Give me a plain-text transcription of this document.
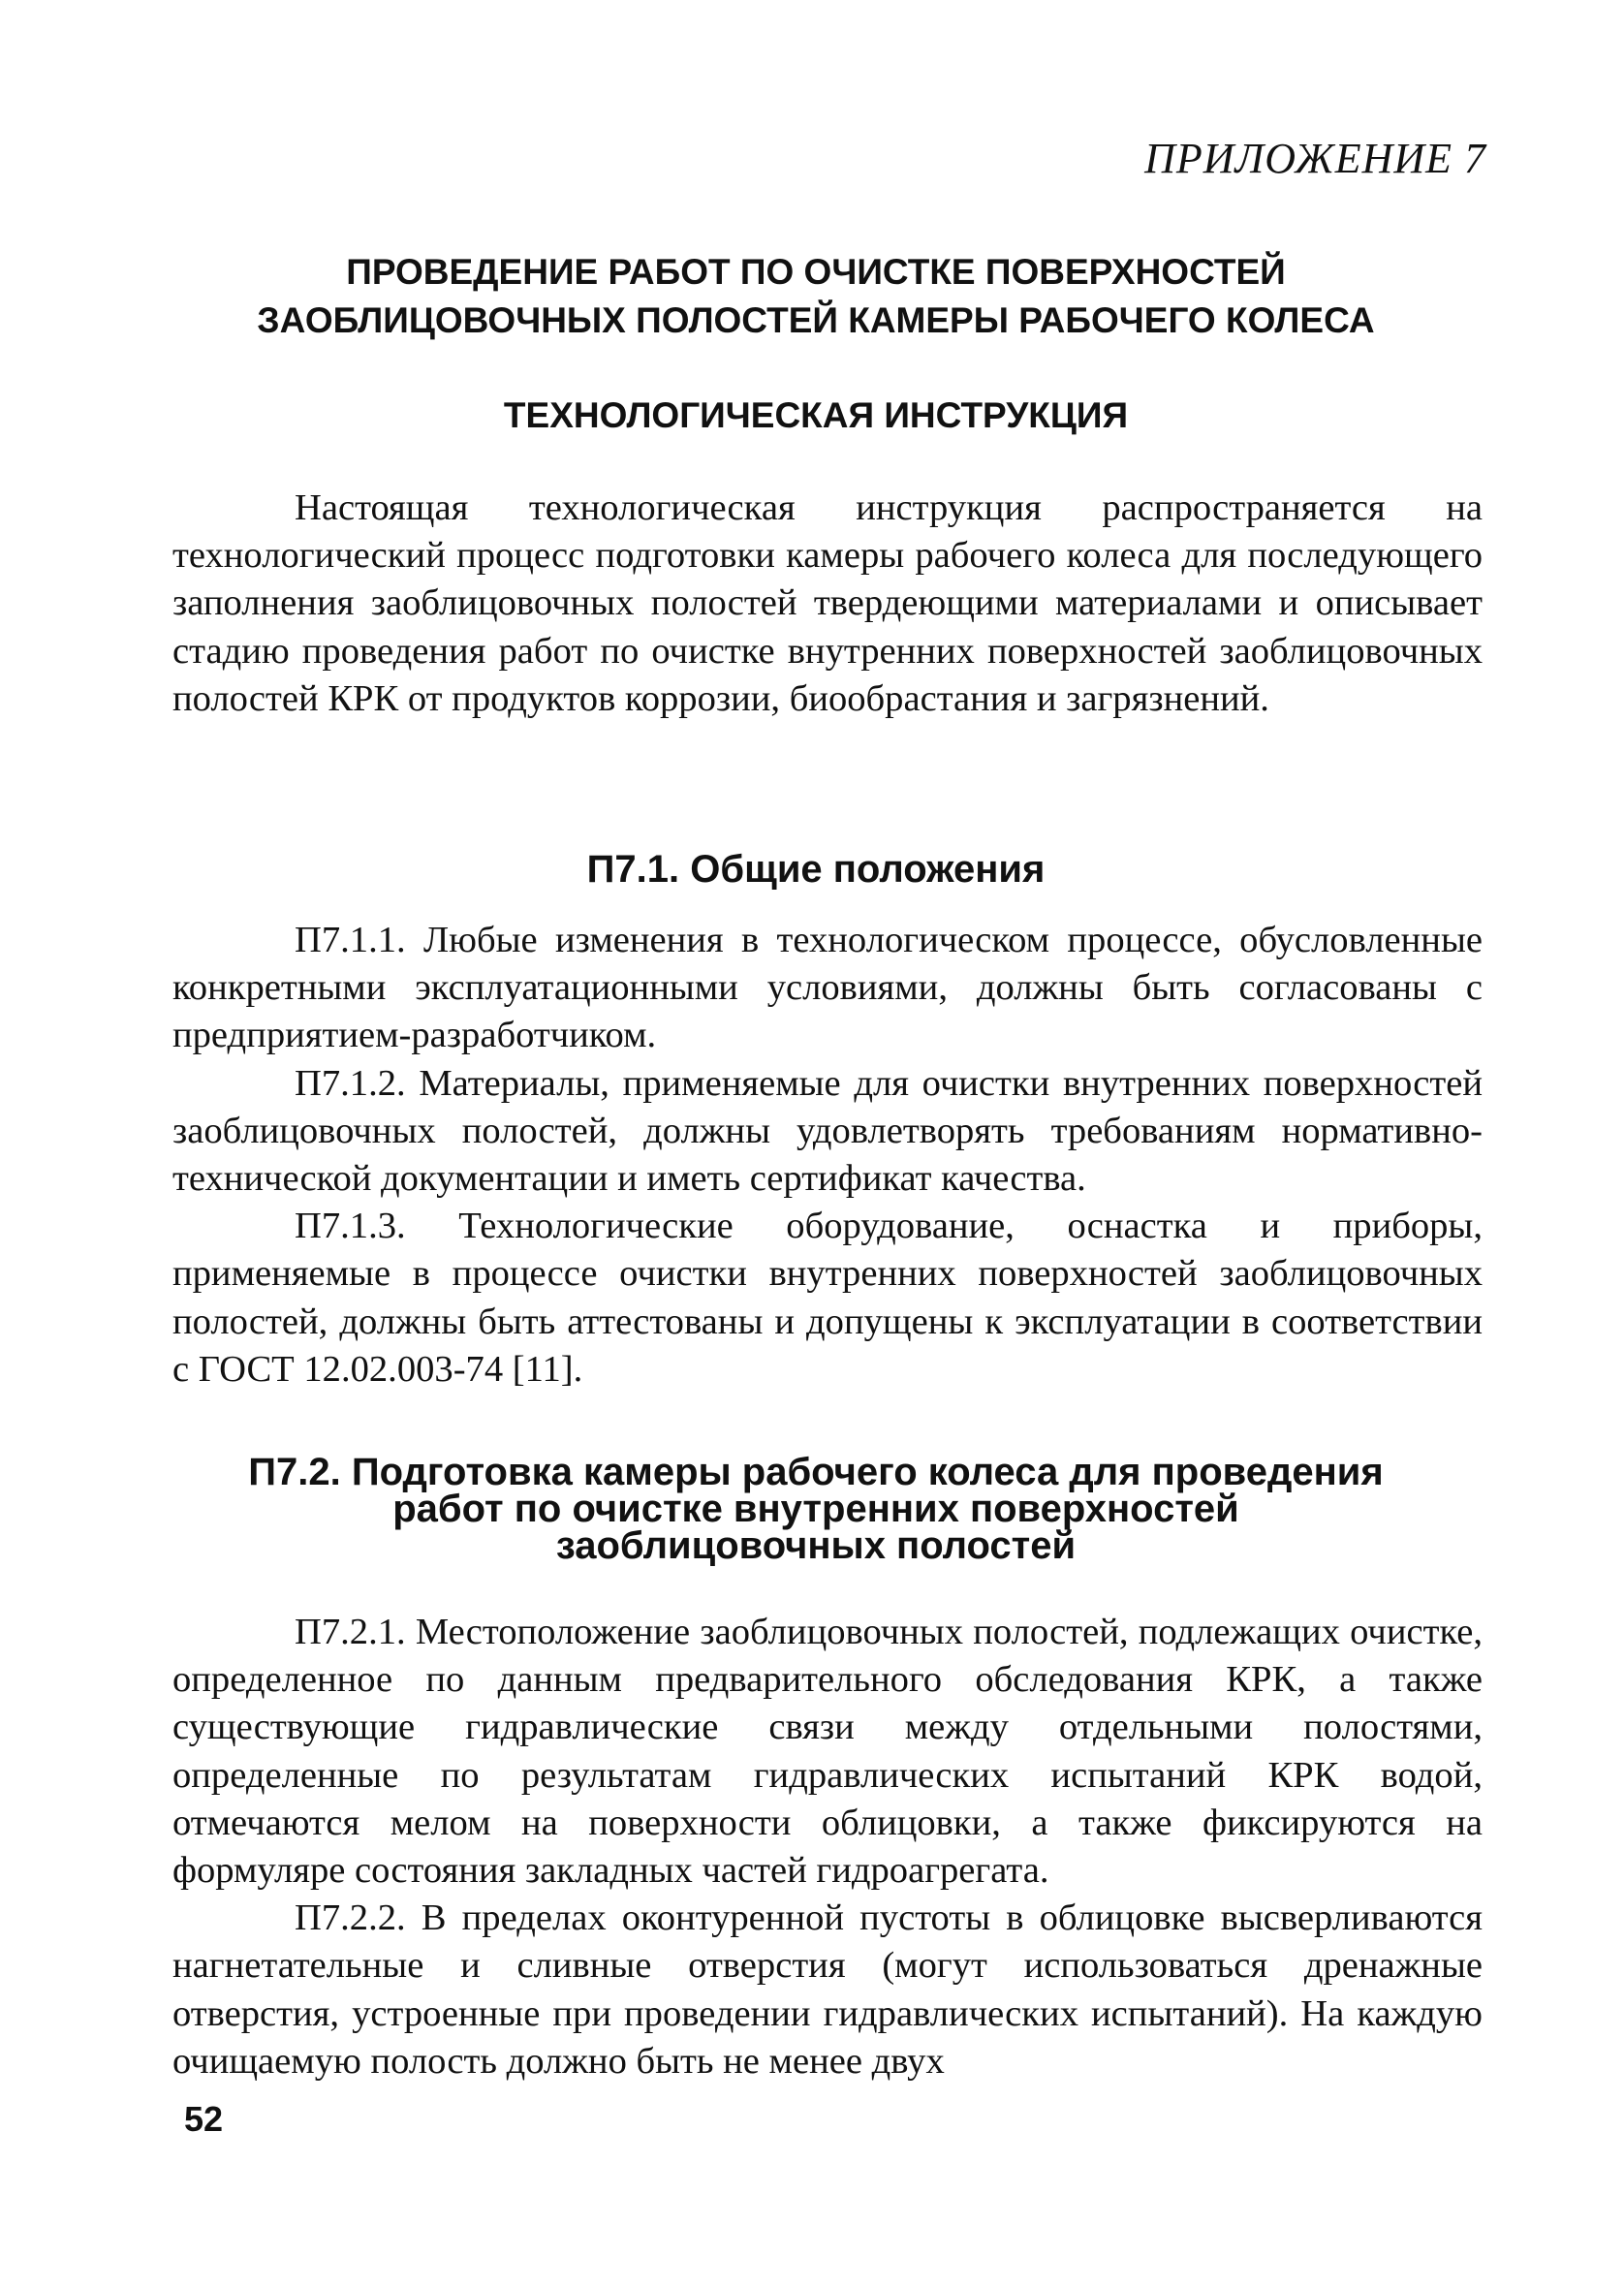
ПРИЛОЖЕНИЕ 7
ПРОВЕДЕНИЕ РАБОТ ПО ОЧИСТКЕ ПОВЕРХНОСТЕЙ
ЗАОБЛИЦОВОЧНЫХ ПОЛОСТЕЙ КАМЕРЫ РАБОЧЕГО КОЛЕСА
ТЕХНОЛОГИЧЕСКАЯ ИНСТРУКЦИЯ

Настоящая технологическая инструкция распространяется на технологический процесс подготовки камеры рабочего колеса для последующего заполнения заоблицовочных полостей твердеющими материалами и описывает стадию проведения работ по очистке внутренних поверхностей заоблицовочных полостей КРК от продуктов коррозии, биообрастания и загрязнений.

П7.1. Общие положения

П7.1.1. Любые изменения в технологическом процессе, обусловленные конкретными эксплуатационными условиями, должны быть согласованы с предприятием-разработчиком.

П7.1.2. Материалы, применяемые для очистки внутренних поверхностей заоблицовочных полостей, должны удовлетворять требованиям нормативно-технической документации и иметь сертификат качества.

П7.1.3. Технологические оборудование, оснастка и приборы, применяемые в процессе очистки внутренних поверхностей заоблицовочных полостей, должны быть аттестованы и допущены к эксплуатации в соответствии с ГОСТ 12.02.003-74 [11].

П7.2. Подготовка камеры рабочего колеса для проведения
работ по очистке внутренних поверхностей
заоблицовочных полостей

П7.2.1. Местоположение заоблицовочных полостей, подлежащих очистке, определенное по данным предварительного обследования КРК, а также существующие гидравлические связи между отдельными полостями, определенные по результатам гидравлических испытаний КРК водой, отмечаются мелом на поверхности облицовки, а также фиксируются на формуляре состояния закладных частей гидроагрегата.

П7.2.2. В пределах оконтуренной пустоты в облицовке высверливаются нагнетательные и сливные отверстия (могут использоваться дренажные отверстия, устроенные при проведении гидравлических испытаний). На каждую очищаемую полость должно быть не менее двух

52
